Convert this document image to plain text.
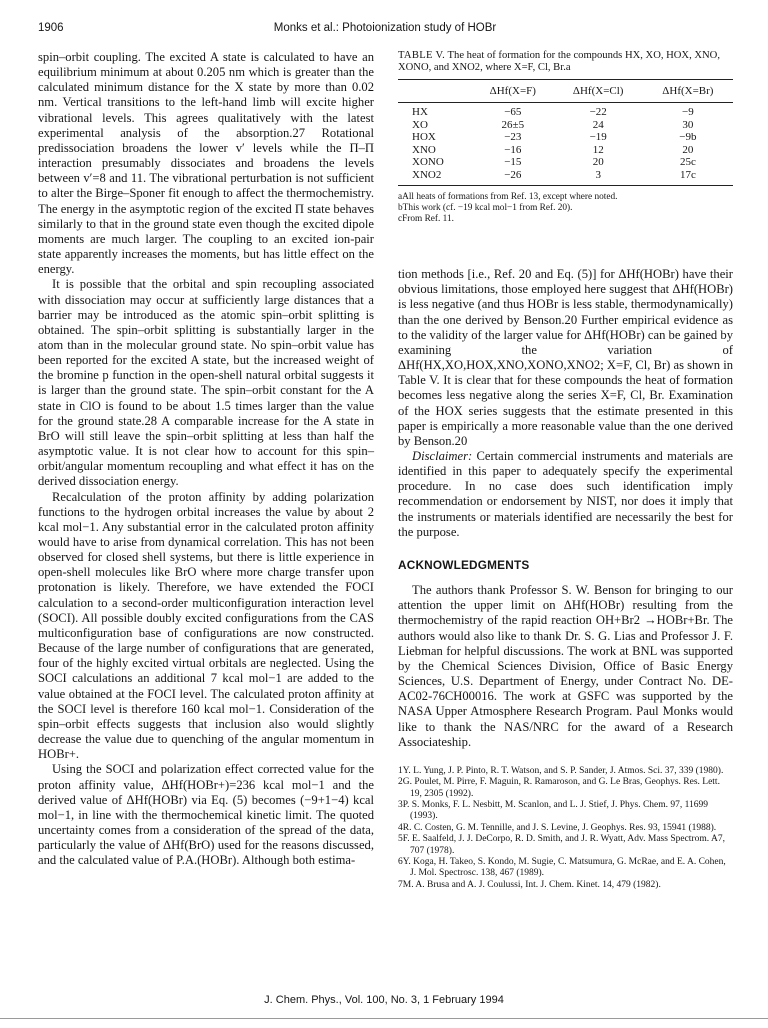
1906	Monks et al.: Photoionization study of HOBr

spin–orbit coupling. The excited A state is calculated to have an equilibrium minimum at about 0.205 nm which is greater than the calculated minimum distance for the X state by more than 0.02 nm. Vertical transitions to the left-hand limb will excite higher vibrational levels. This agrees qualitatively with the latest experimental analysis of the absorption.27 Rotational predissociation broadens the lower v′ levels while the Π–Π interaction presumably dissociates and broadens the levels between v′=8 and 11. The vibrational perturbation is not sufficient to alter the Birge–Sponer fit enough to affect the thermochemistry. The energy in the asymptotic region of the excited Π state behaves similarly to that in the ground state even though the excited dipole moments are much larger. The coupling to an excited ion-pair state apparently increases the moments, but has little effect on the energy.

It is possible that the orbital and spin recoupling associated with dissociation may occur at sufficiently large distances that a barrier may be introduced as the atomic spin–orbit splitting is obtained. The spin–orbit splitting is substantially larger in the atom than in the molecular ground state. No spin–orbit value has been reported for the excited A state, but the increased weight of the bromine p function in the open-shell natural orbital suggests it is larger than the ground state. The spin–orbit constant for the A state in ClO is found to be about 1.5 times larger than the value for the ground state.28 A comparable increase for the A state in BrO will still leave the spin–orbit splitting at less than half the asymptotic value. It is not clear how to account for this spin–orbit/angular momentum recoupling and what effect it has on the derived dissociation energy.

Recalculation of the proton affinity by adding polarization functions to the hydrogen orbital increases the value by about 2 kcal mol−1. Any substantial error in the calculated proton affinity would have to arise from dynamical correlation. This has not been observed for closed shell systems, but there is little experience in open-shell molecules like BrO where more charge transfer upon protonation is likely. Therefore, we have extended the FOCI calculation to a second-order multiconfiguration interaction level (SOCI). All possible doubly excited configurations from the CAS multiconfiguration base of configurations are now constructed. Because of the large number of configurations that are generated, four of the highly excited virtual orbitals are neglected. Using the SOCI calculations an additional 7 kcal mol−1 are added to the value obtained at the FOCI level. The calculated proton affinity at the SOCI level is therefore 160 kcal mol−1. Consideration of the spin–orbit effects suggests that inclusion also would slightly decrease the value due to quenching of the angular momentum in HOBr+.

Using the SOCI and polarization effect corrected value for the proton affinity value, ΔHf(HOBr+)=236 kcal mol−1 and the derived value of ΔHf(HOBr) via Eq. (5) becomes (−9+1−4) kcal mol−1, in line with the thermochemical kinetic limit. The quoted uncertainty comes from a consideration of the spread of the data, particularly the value of ΔHf(BrO) used for the reasons discussed, and the calculated value of P.A.(HOBr). Although both estima-

TABLE V. The heat of formation for the compounds HX, XO, HOX, XNO, XONO, and XNO2, where X=F, Cl, Br.a

	ΔHf(X=F)	ΔHf(X=Cl)	ΔHf(X=Br)
HX	−65	−22	−9
XO	26±5	24	30
HOX	−23	−19	−9b
XNO	−16	12	20
XONO	−15	20	25c
XNO2	−26	3	17c
aAll heats of formations from Ref. 13, except where noted.
bThis work (cf. −19 kcal mol−1 from Ref. 20).
cFrom Ref. 11.

tion methods [i.e., Ref. 20 and Eq. (5)] for ΔHf(HOBr) have their obvious limitations, those employed here suggest that ΔHf(HOBr) is less negative (and thus HOBr is less stable, thermodynamically) than the one derived by Benson.20 Further empirical evidence as to the validity of the larger value for ΔHf(HOBr) can be gained by examining the variation of ΔHf(HX,XO,HOX,XNO,XONO,XNO2; X=F, Cl, Br) as shown in Table V. It is clear that for these compounds the heat of formation becomes less negative along the series X=F, Cl, Br. Examination of the HOX series suggests that the estimate presented in this paper is empirically a more reasonable value than the one derived by Benson.20

Disclaimer: Certain commercial instruments and materials are identified in this paper to adequately specify the experimental procedure. In no case does such identification imply recommendation or endorsement by NIST, nor does it imply that the instruments or materials identified are necessarily the best for the purpose.

ACKNOWLEDGMENTS

The authors thank Professor S. W. Benson for bringing to our attention the upper limit on ΔHf(HOBr) resulting from the thermochemistry of the rapid reaction OH+Br2 →HOBr+Br. The authors would also like to thank Dr. S. G. Lias and Professor J. F. Liebman for helpful discussions. The work at BNL was supported by the Chemical Sciences Division, Office of Basic Energy Sciences, U.S. Department of Energy, under Contract No. DE-AC02-76CH00016. The work at GSFC was supported by the NASA Upper Atmosphere Research Program. Paul Monks would like to thank the NAS/NRC for the award of a Research Associateship.

1Y. L. Yung, J. P. Pinto, R. T. Watson, and S. P. Sander, J. Atmos. Sci. 37, 339 (1980).
2G. Poulet, M. Pirre, F. Maguin, R. Ramaroson, and G. Le Bras, Geophys. Res. Lett. 19, 2305 (1992).
3P. S. Monks, F. L. Nesbitt, M. Scanlon, and L. J. Stief, J. Phys. Chem. 97, 11699 (1993).
4R. C. Costen, G. M. Tennille, and J. S. Levine, J. Geophys. Res. 93, 15941 (1988).
5F. E. Saalfeld, J. J. DeCorpo, R. D. Smith, and J. R. Wyatt, Adv. Mass Spectrom. A7, 707 (1978).
6Y. Koga, H. Takeo, S. Kondo, M. Sugie, C. Matsumura, G. McRae, and E. A. Cohen, J. Mol. Spectrosc. 138, 467 (1989).
7M. A. Brusa and A. J. Coulussi, Int. J. Chem. Kinet. 14, 479 (1982).
J. Chem. Phys., Vol. 100, No. 3, 1 February 1994
